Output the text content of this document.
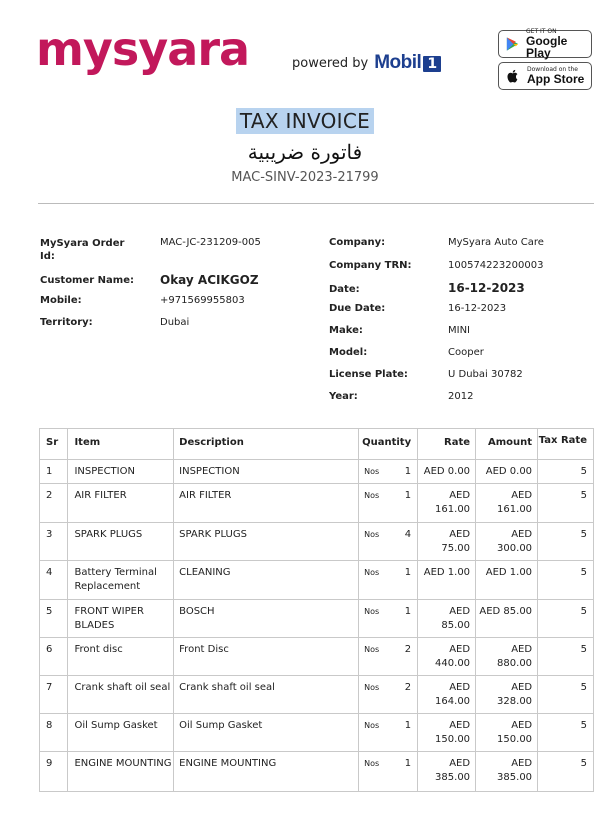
mysyara	powered by Mobil 1
GET IT ON
Google Play
Download on the
App Store
TAX INVOICE
فاتورة ضريبية
MAC-SINV-2023-21799
MySyara Order Id:
MAC-JC-231209-005
Customer Name: Okay ACIKGOZ
Mobile:	+971569955803
Territory:	Dubai
Company:	MySyara Auto Care
Company TRN:	100574223200003
Date:	16-12-2023
Due Date:	16-12-2023
Make:	MINI
Model:	Cooper
License Plate:	U Dubai 30782
Year:	2012
Sr	Item	Description	Quantity	Rate	Amount	Tax Rate
1	INSPECTION	INSPECTION	Nos 1	AED 0.00	AED 0.00	5
2	AIR FILTER	AIR FILTER	Nos 1	AED 161.00	AED 161.00	5
3	SPARK PLUGS	SPARK PLUGS	Nos 4	AED 75.00	AED 300.00	5
4	Battery Terminal Replacement	CLEANING	Nos 1	AED 1.00	AED 1.00	5
5	FRONT WIPER BLADES	BOSCH	Nos 1	AED 85.00	AED 85.00	5
6	Front disc	Front Disc	Nos 2	AED 440.00	AED 880.00	5
7	Crank shaft oil seal	Crank shaft oil seal	Nos 2	AED 164.00	AED 328.00	5
8	Oil Sump Gasket	Oil Sump Gasket	Nos 1	AED 150.00	AED 150.00	5
9	ENGINE MOUNTING	ENGINE MOUNTING	Nos 1	AED 385.00	AED 385.00	5
